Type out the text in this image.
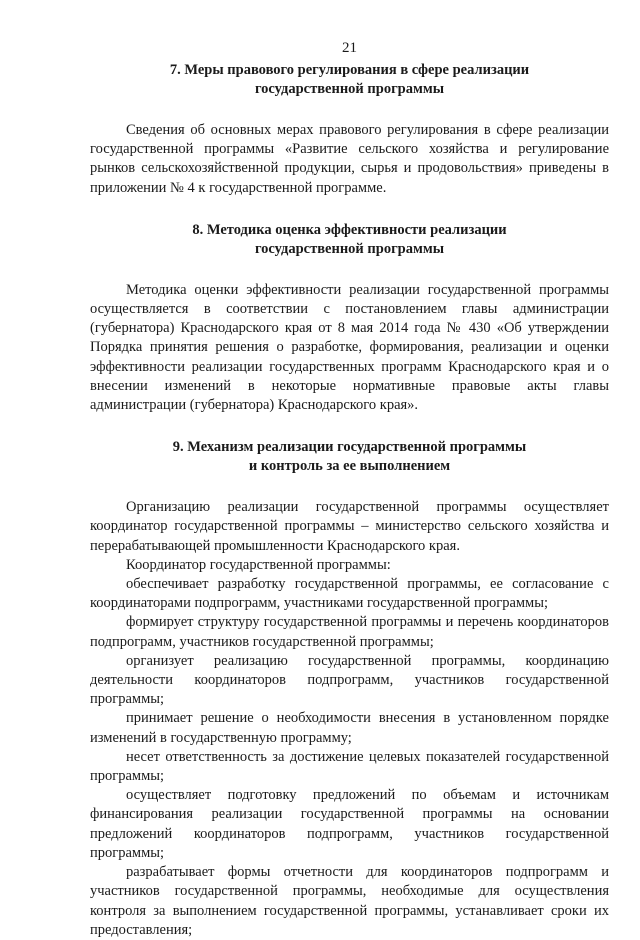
21

7. Меры правового регулирования в сфере реализации

государственной программы

Сведения об основных мерах правового регулирования в сфере реализации государственной программы «Развитие сельского хозяйства и регулирование рынков сельскохозяйственной продукции, сырья и продовольствия» приведены в приложении № 4 к государственной программе.

8. Методика оценка эффективности реализации

государственной программы

Методика оценки эффективности реализации государственной программы осуществляется в соответствии с постановлением главы администрации (губернатора) Краснодарского края от 8 мая 2014 года № 430 «Об утверждении Порядка принятия решения о разработке, формирования, реализации и оценки эффективности реализации государственных программ Краснодарского края и о внесении изменений в некоторые нормативные правовые акты главы администрации (губернатора) Краснодарского края».

9. Механизм реализации государственной программы

и контроль за ее выполнением

Организацию реализации государственной программы осуществляет координатор государственной программы – министерство сельского хозяйства и перерабатывающей промышленности Краснодарского края.

Координатор государственной программы:

обеспечивает разработку государственной программы, ее согласование с координаторами подпрограмм, участниками государственной программы;

формирует структуру государственной программы и перечень координаторов подпрограмм, участников государственной программы;

организует реализацию государственной программы, координацию деятельности координаторов подпрограмм, участников государственной программы;

принимает решение о необходимости внесения в установленном порядке изменений в государственную программу;

несет ответственность за достижение целевых показателей государственной программы;

осуществляет подготовку предложений по объемам и источникам финансирования реализации государственной программы на основании предложений координаторов подпрограмм, участников государственной программы;

разрабатывает формы отчетности для координаторов подпрограмм и участников государственной программы, необходимые для осуществления контроля за выполнением государственной программы, устанавливает сроки их предоставления;
